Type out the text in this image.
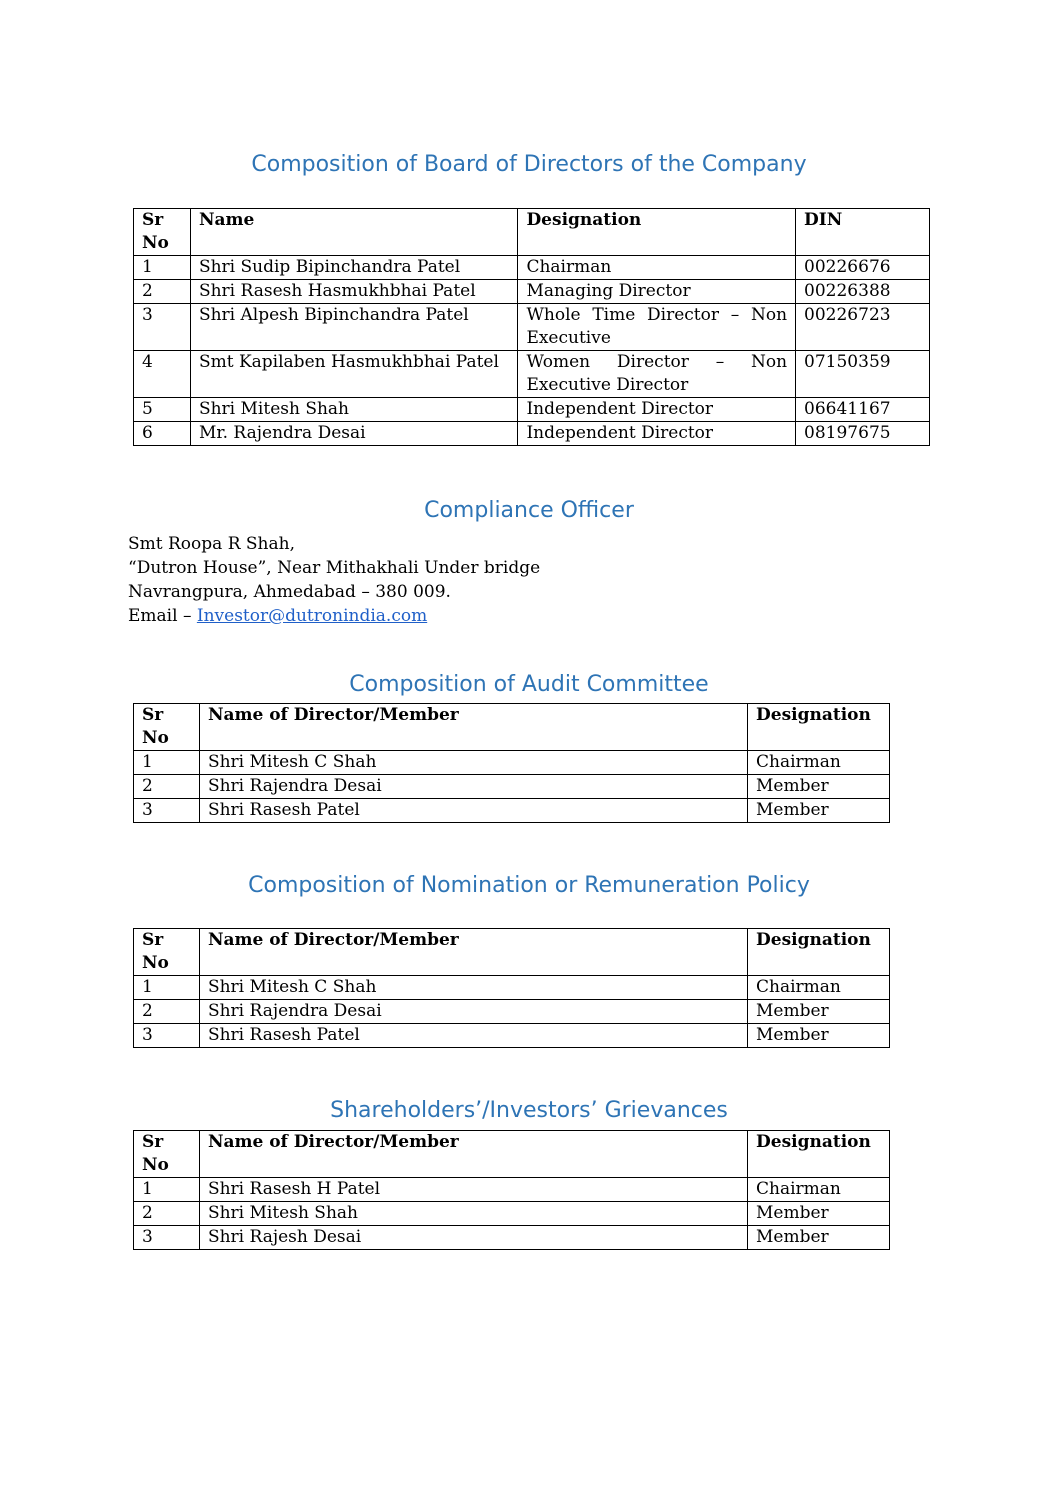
Composition of Board of Directors of the Company
Sr No	Name	Designation	DIN
1	Shri Sudip Bipinchandra Patel	Chairman	00226676
2	Shri Rasesh Hasmukhbhai Patel	Managing Director	00226388
3	Shri Alpesh Bipinchandra Patel	Whole Time Director – Non Executive	00226723
4	Smt Kapilaben Hasmukhbhai Patel	Women Director – Non Executive Director	07150359
5	Shri Mitesh Shah	Independent Director	06641167
6	Mr. Rajendra Desai	Independent Director	08197675
Compliance Officer
Smt Roopa R Shah,
“Dutron House”, Near Mithakhali Under bridge
Navrangpura, Ahmedabad – 380 009.
Email – Investor@dutronindia.com
Composition of Audit Committee
Sr No	Name of Director/Member	Designation
1	Shri Mitesh C Shah	Chairman
2	Shri Rajendra Desai	Member
3	Shri Rasesh Patel	Member
Composition of Nomination or Remuneration Policy
Sr No	Name of Director/Member	Designation
1	Shri Mitesh C Shah	Chairman
2	Shri Rajendra Desai	Member
3	Shri Rasesh Patel	Member
Shareholders’/Investors’ Grievances
Sr No	Name of Director/Member	Designation
1	Shri Rasesh H Patel	Chairman
2	Shri Mitesh Shah	Member
3	Shri Rajesh Desai	Member
